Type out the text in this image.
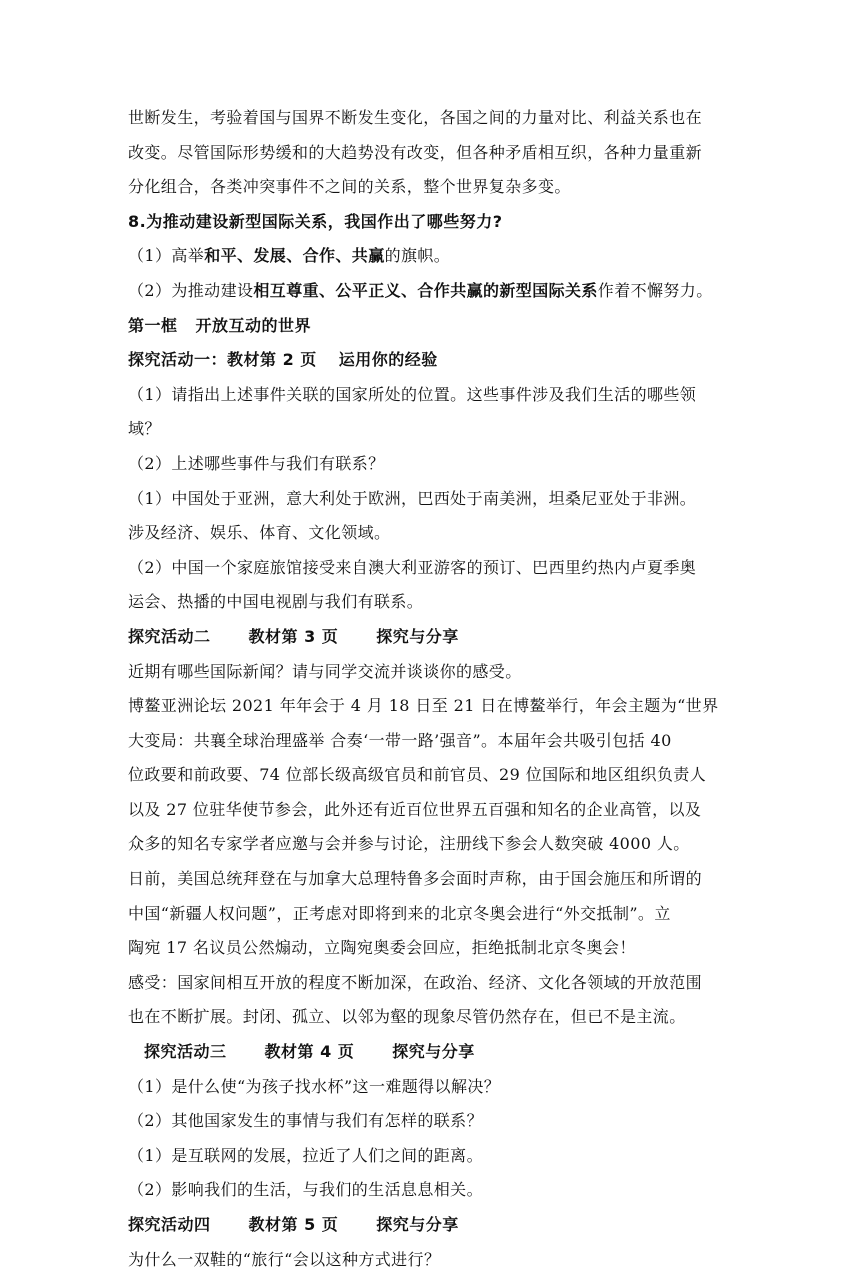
世断发生，考验着国与国界不断发生变化，各国之间的力量对比、利益关系也在
改变。尽管国际形势缓和的大趋势没有改变，但各种矛盾相互织，各种力量重新
分化组合，各类冲突事件不之间的关系，整个世界复杂多变。
8.为推动建设新型国际关系，我国作出了哪些努力?
（1）高举和平、发展、合作、共赢的旗帜。
（2）为推动建设相互尊重、公平正义、合作共赢的新型国际关系作着不懈努力。
第一框 开放互动的世界
探究活动一：教材第 2 页 运用你的经验
（1）请指出上述事件关联的国家所处的位置。这些事件涉及我们生活的哪些领
域？
（2）上述哪些事件与我们有联系？
（1）中国处于亚洲，意大利处于欧洲，巴西处于南美洲，坦桑尼亚处于非洲。
涉及经济、娱乐、体育、文化领域。
（2）中国一个家庭旅馆接受来自澳大利亚游客的预订、巴西里约热内卢夏季奥
运会、热播的中国电视剧与我们有联系。
探究活动二 教材第 3 页 探究与分享
近期有哪些国际新闻？请与同学交流并谈谈你的感受。
博鳌亚洲论坛 2021 年年会于 4 月 18 日至 21 日在博鳌举行，年会主题为“世界
大变局：共襄全球治理盛举 合奏‘一带一路’强音”。本届年会共吸引包括 40
位政要和前政要、74 位部长级高级官员和前官员、29 位国际和地区组织负责人
以及 27 位驻华使节参会，此外还有近百位世界五百强和知名的企业高管，以及
众多的知名专家学者应邀与会并参与讨论，注册线下参会人数突破 4000 人。
日前，美国总统拜登在与加拿大总理特鲁多会面时声称，由于国会施压和所谓的
中国“新疆人权问题”，正考虑对即将到来的北京冬奥会进行“外交抵制”。立
陶宛 17 名议员公然煽动，立陶宛奥委会回应，拒绝抵制北京冬奥会！
感受：国家间相互开放的程度不断加深，在政治、经济、文化各领域的开放范围
也在不断扩展。封闭、孤立、以邻为壑的现象尽管仍然存在，但已不是主流。
探究活动三 教材第 4 页 探究与分享
（1）是什么使“为孩子找水杯”这一难题得以解决？
（2）其他国家发生的事情与我们有怎样的联系？
（1）是互联网的发展，拉近了人们之间的距离。
（2）影响我们的生活，与我们的生活息息相关。
探究活动四 教材第 5 页 探究与分享
为什么一双鞋的“旅行“会以这种方式进行？
